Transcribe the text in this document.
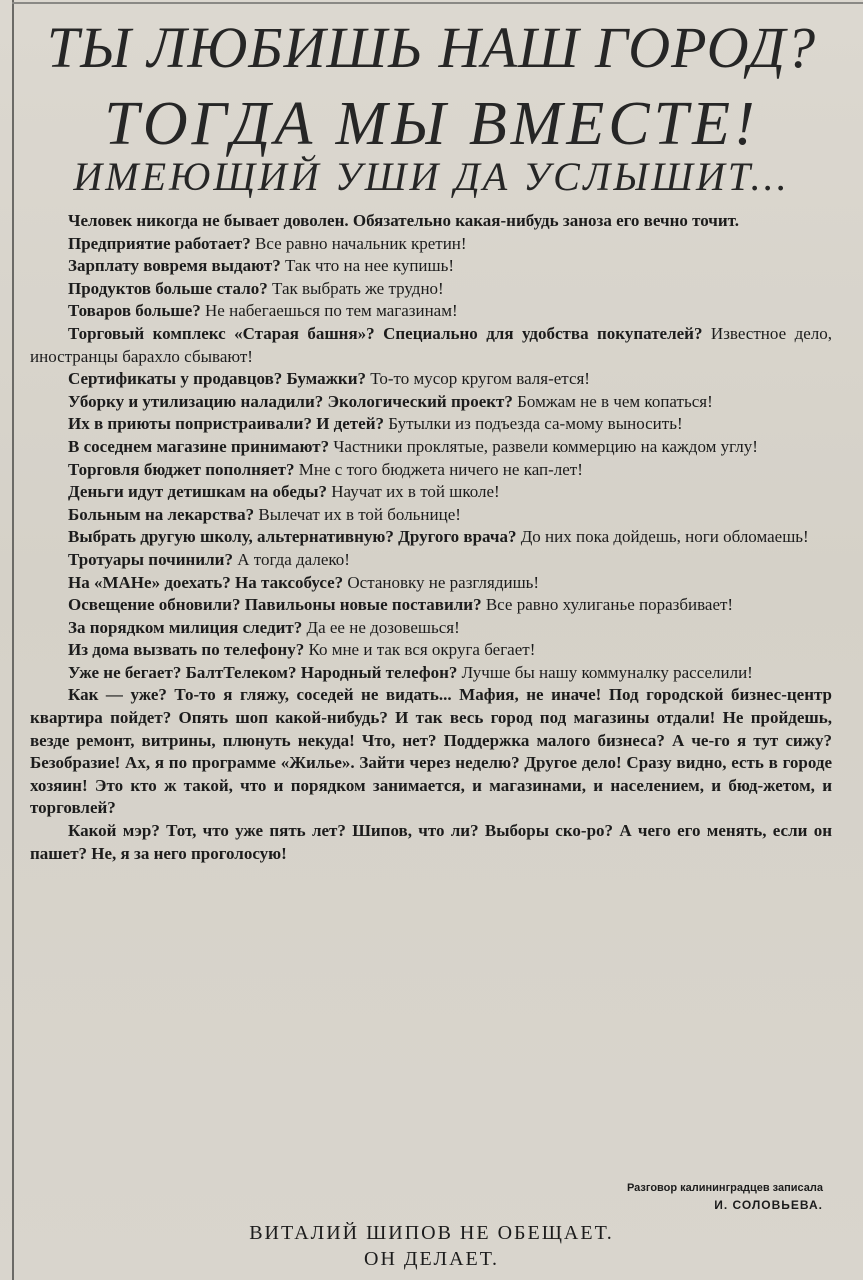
ТЫ ЛЮБИШЬ НАШ ГОРОД?
ТОГДА МЫ ВМЕСТЕ!
ИМЕЮЩИЙ УШИ ДА УСЛЫШИТ...

Человек никогда не бывает доволен. Обязательно какая-нибудь заноза его вечно точит.

Предприятие работает? Все равно начальник кретин!

Зарплату вовремя выдают? Так что на нее купишь!

Продуктов больше стало? Так выбрать же трудно!

Товаров больше? Не набегаешься по тем магазинам!

Торговый комплекс «Старая башня»? Специально для удобства покупателей? Известное дело, иностранцы барахло сбывают!

Сертификаты у продавцов? Бумажки? То-то мусор кругом валя-ется!

Уборку и утилизацию наладили? Экологический проект? Бомжам не в чем копаться!

Их в приюты попристраивали? И детей? Бутылки из подъезда са-мому выносить!

В соседнем магазине принимают? Частники проклятые, развели коммерцию на каждом углу!

Торговля бюджет пополняет? Мне с того бюджета ничего не кап-лет!

Деньги идут детишкам на обеды? Научат их в той школе!

Больным на лекарства? Вылечат их в той больнице!

Выбрать другую школу, альтернативную? Другого врача? До них пока дойдешь, ноги обломаешь!

Тротуары починили? А тогда далеко!

На «МАНе» доехать? На таксобусе? Остановку не разглядишь!

Освещение обновили? Павильоны новые поставили? Все равно хулиганье поразбивает!

За порядком милиция следит? Да ее не дозовешься!

Из дома вызвать по телефону? Ко мне и так вся округа бегает!

Уже не бегает? БалтТелеком? Народный телефон? Лучше бы нашу коммуналку расселили!

Как — уже? То-то я гляжу, соседей не видать... Мафия, не иначе! Под городской бизнес-центр квартира пойдет? Опять шоп какой-нибудь? И так весь город под магазины отдали! Не пройдешь, везде ремонт, витрины, плюнуть некуда! Что, нет? Поддержка малого бизнеса? А че-го я тут сижу? Безобразие! Ах, я по программе «Жилье». Зайти через неделю? Другое дело! Сразу видно, есть в городе хозяин! Это кто ж такой, что и порядком занимается, и магазинами, и населением, и бюд-жетом, и торговлей?

Какой мэр? Тот, что уже пять лет? Шипов, что ли? Выборы ско-ро? А чего его менять, если он пашет? Не, я за него проголосую!

Разговор калининградцев записала
И. СОЛОВЬЕВА.
ВИТАЛИЙ ШИПОВ НЕ ОБЕЩАЕТ.
ОН ДЕЛАЕТ.
